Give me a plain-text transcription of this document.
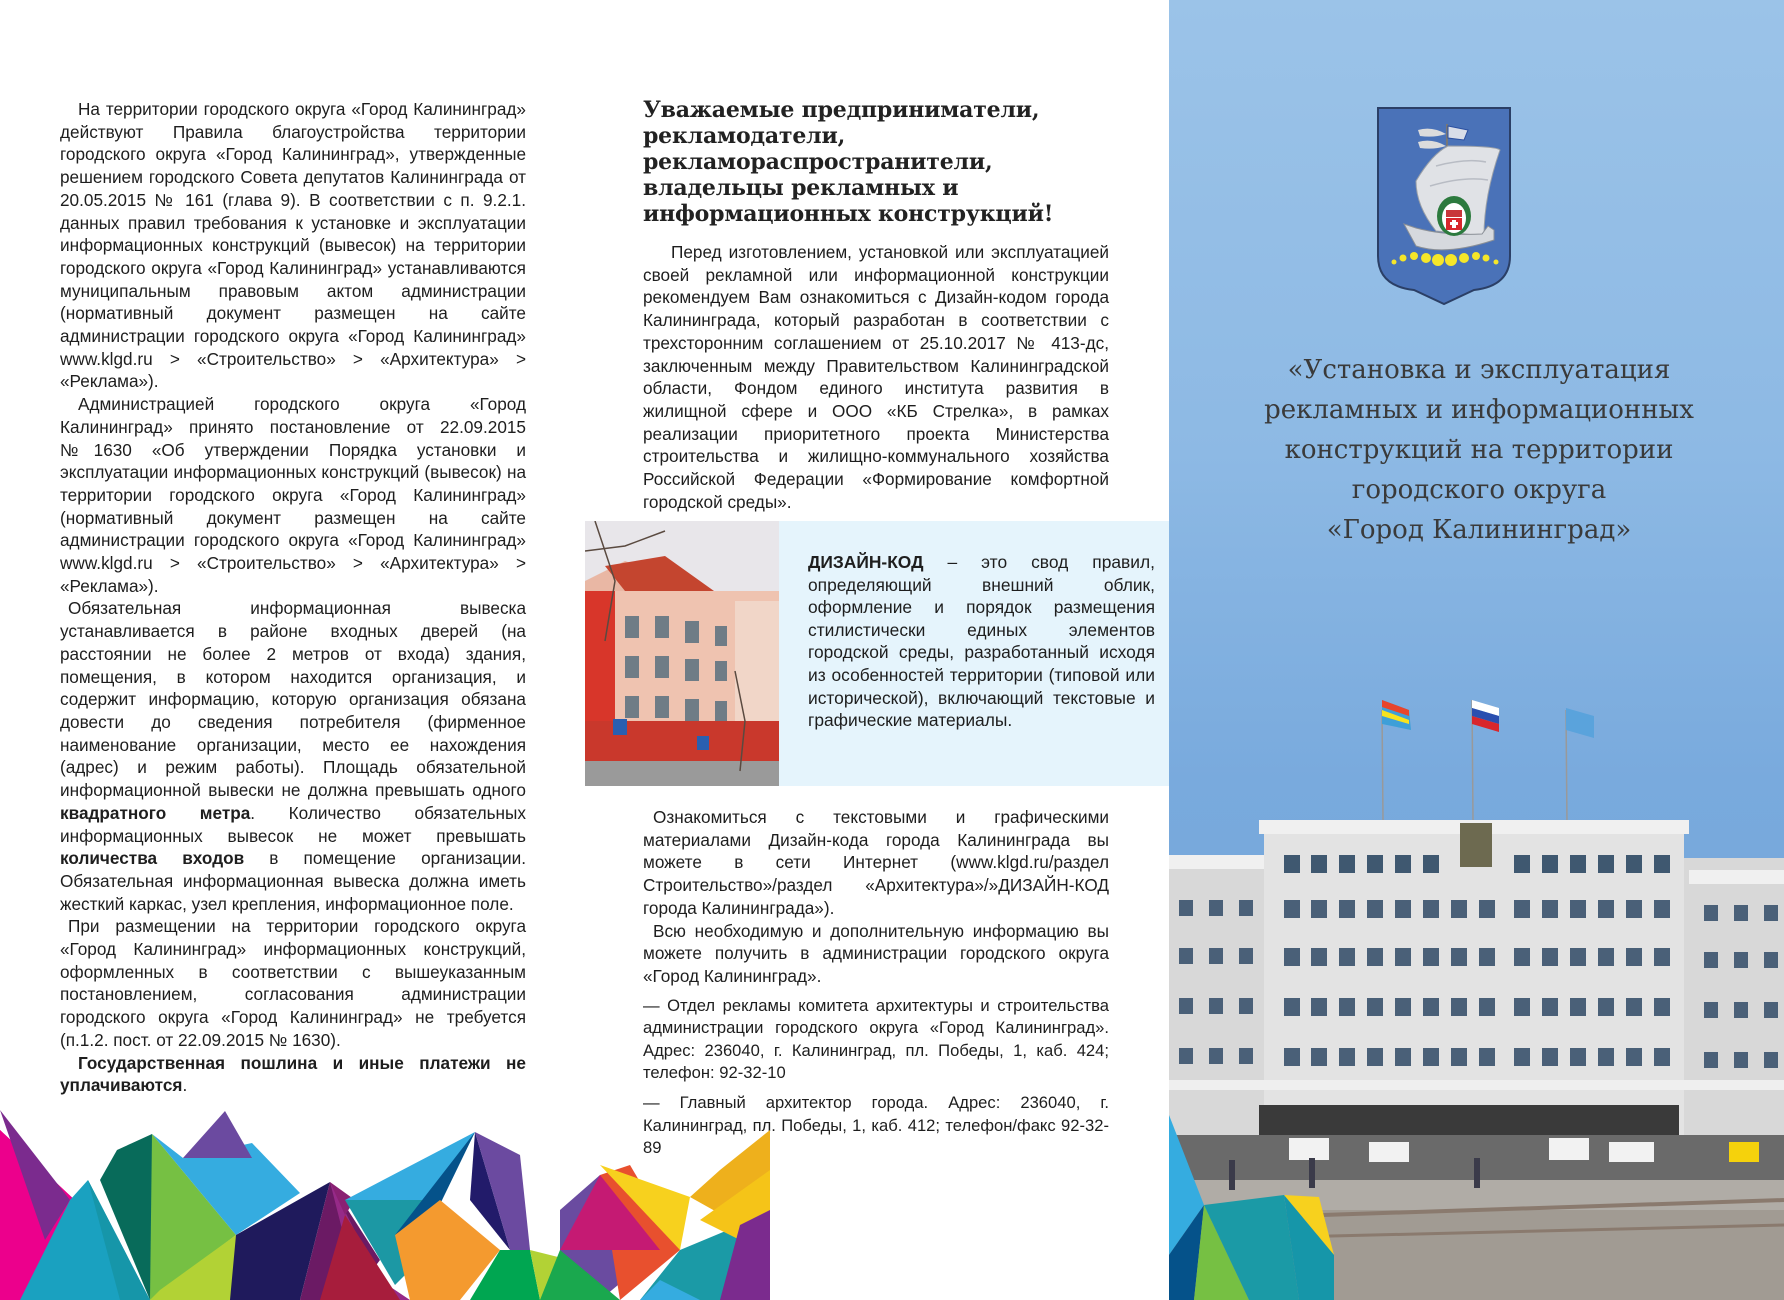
На территории городского округа «Город Калининград» действуют Правила благоустройства территории городского округа «Город Калининград», утвержденные решением городского Совета депутатов Калининграда от 20.05.2015 № 161 (глава 9). В соответствии с п. 9.2.1. данных правил требования к установке и эксплуатации информационных конструкций (вывесок) на территории городского округа «Город Калининград» устанавливаются муниципальным правовым актом администрации (нормативный документ размещен на сайте администрации городского округа «Город Калининград» www.klgd.ru > «Строительство» > «Архитектура» > «Реклама»).

Администрацией городского округа «Город Калининград» принято постановление от 22.09.2015 №1630 «Об утверждении Порядка установки и эксплуатации информационных конструкций (вывесок) на территории городского округа «Город Калининград» (нормативный документ размещен на сайте администрации городского округа «Город Калининград» www.klgd.ru > «Строительство» > «Архитектура» > «Реклама»).

Обязательная информационная вывеска устанавливается в районе входных дверей (на расстоянии не более 2 метров от входа) здания, помещения, в котором находится организация, и содержит информацию, которую организация обязана довести до сведения потребителя (фирменное наименование организации, место ее нахождения (адрес) и режим работы). Площадь обязательной информационной вывески не должна превышать одного квадратного метра. Количество обязательных информационных вывесок не может превышать количества входов в помещение организации. Обязательная информационная вывеска должна иметь жесткий каркас, узел крепления, информационное поле.

При размещении на территории городского округа «Город Калининград» информационных конструкций, оформленных в соответствии с вышеуказанным постановлением, согласования администрации городского округа «Город Калининград» не требуется (п.1.2. пост. от 22.09.2015 № 1630).

Государственная пошлина и иные платежи не уплачиваются.

Уважаемые предприниматели, рекламодатели, рекламораспространители, владельцы рекламных и информационных конструкций!

Перед изготовлением, установкой или эксплуатацией своей рекламной или информационной конструкции рекомендуем Вам ознакомиться с Дизайн-кодом города Калининграда, который разработан в соответствии с трехсторонним соглашением от 25.10.2017 № 413-дс, заключенным между Правительством Калининградской области, Фондом единого института развития в жилищной сфере и ООО «КБ Стрелка», в рамках реализации приоритетного проекта Министерства строительства и жилищно-коммунального хозяйства Российской Федерации «Формирование комфортной городской среды».

ДИЗАЙН-КОД – это свод правил, определяющий внешний облик, оформление и порядок размещения стилистически единых элементов городской среды, разработанный исходя из особенностей территории (типовой или исторической), включающий текстовые и графические материалы.

Ознакомиться с текстовыми и графическими материалами Дизайн-кода города Калининграда вы можете в сети Интернет (www.klgd.ru/раздел Строительство»/раздел «Архитектура»/»ДИЗАЙН-КОД города Калининграда»).

Всю необходимую и дополнительную информацию вы можете получить в администрации городского округа «Город Калининград».

— Отдел рекламы комитета архитектуры и строительства администрации городского округа «Город Калининград». Адрес: 236040, г. Калининград, пл. Победы, 1, каб. 424; телефон: 92-32-10

— Главный архитектор города. Адрес: 236040, г. Калининград, пл. Победы, 1, каб. 412; телефон/факс 92-32-89

«Установка и эксплуатация
рекламных и информационных
конструкций на территории
городского округа
«Город Калининград»
